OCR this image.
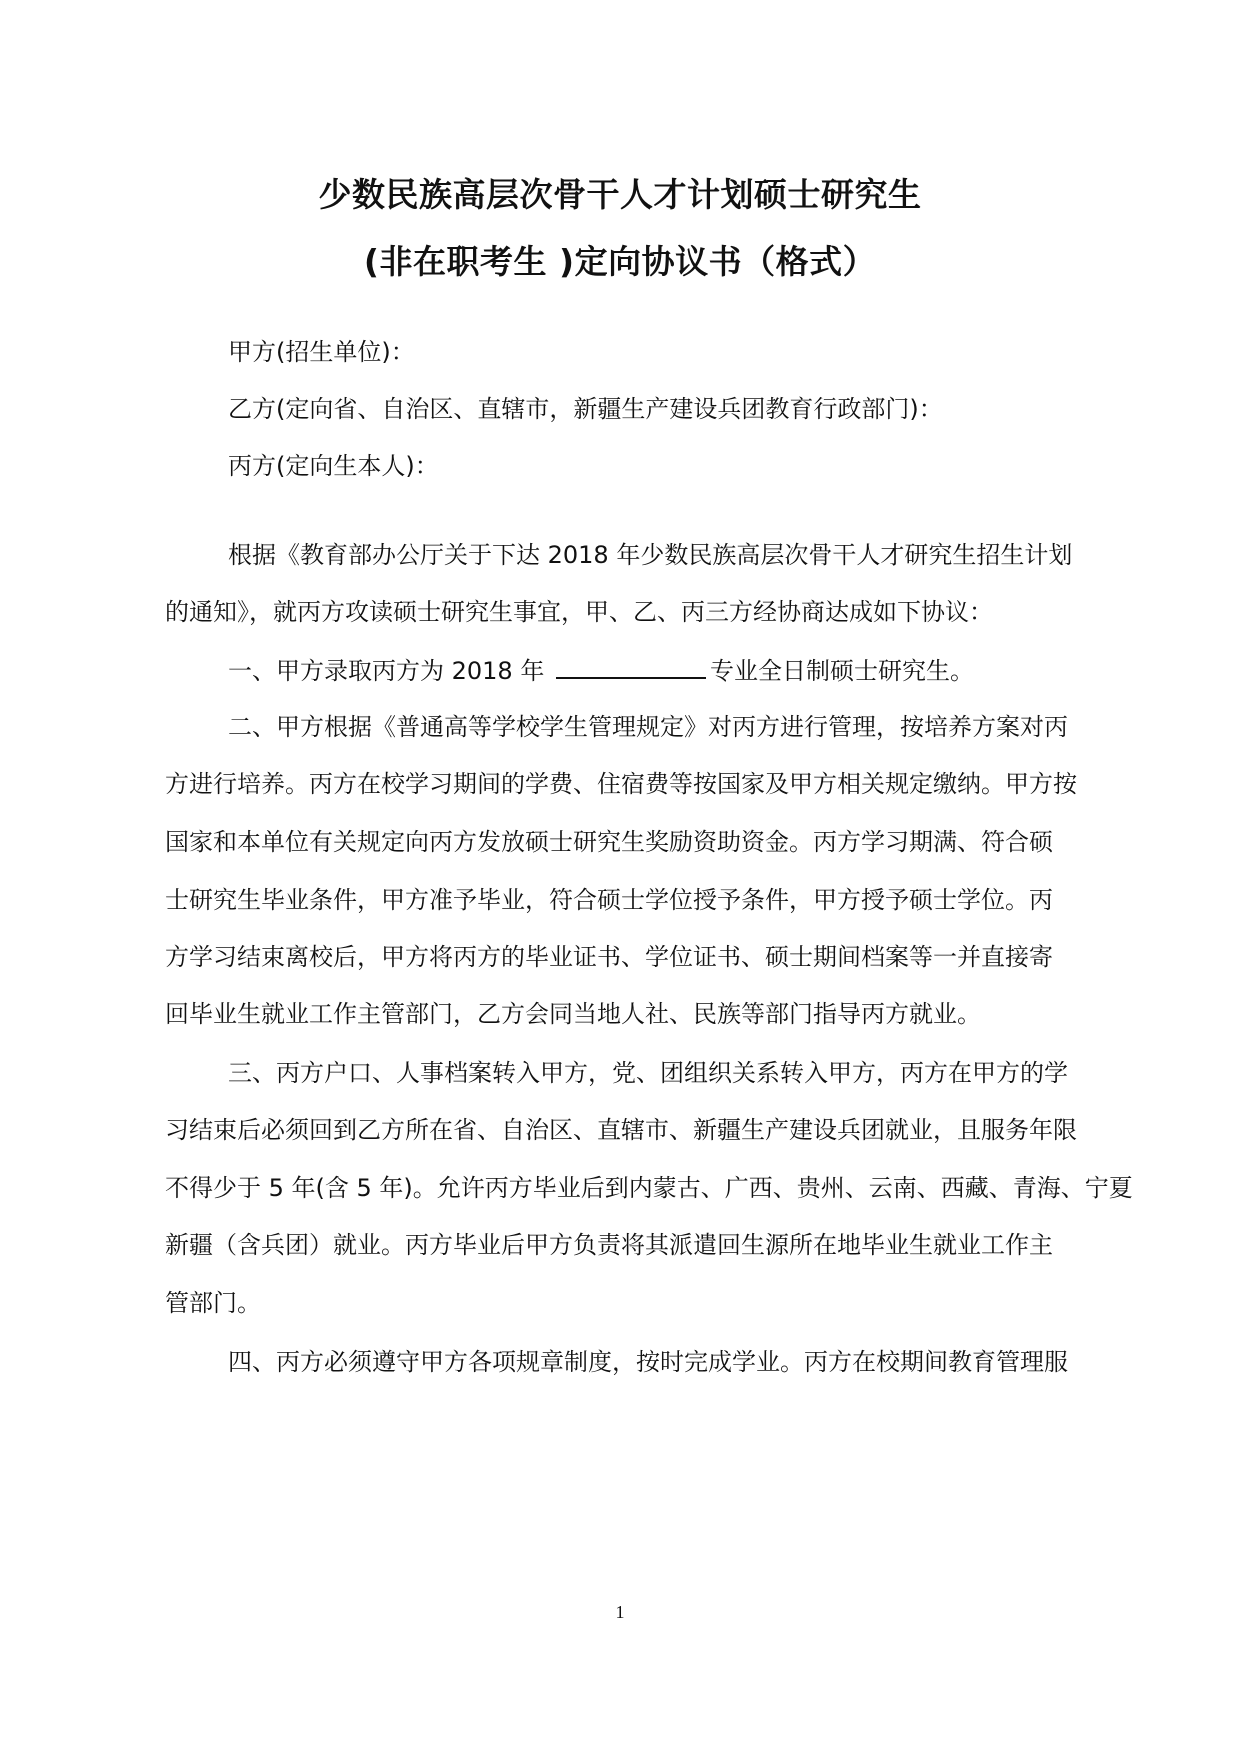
少数民族高层次骨干人才计划硕士研究生
(非在职考生 )定向协议书（格式）
甲方(招生单位)：
乙方(定向省、自治区、直辖市，新疆生产建设兵团教育行政部门)：
丙方(定向生本人)：
根据《教育部办公厅关于下达 2018 年少数民族高层次骨干人才研究生招生计划
的通知》，就丙方攻读硕士研究生事宜，甲、乙、丙三方经协商达成如下协议：
一、甲方录取丙方为 2018 年	专业全日制硕士研究生。
二、甲方根据《普通高等学校学生管理规定》对丙方进行管理，按培养方案对丙
方进行培养。丙方在校学习期间的学费、住宿费等按国家及甲方相关规定缴纳。甲方按
国家和本单位有关规定向丙方发放硕士研究生奖励资助资金。丙方学习期满、符合硕
士研究生毕业条件，甲方准予毕业，符合硕士学位授予条件，甲方授予硕士学位。丙
方学习结束离校后，甲方将丙方的毕业证书、学位证书、硕士期间档案等一并直接寄
回毕业生就业工作主管部门，乙方会同当地人社、民族等部门指导丙方就业。
三、丙方户口、人事档案转入甲方，党、团组织关系转入甲方，丙方在甲方的学
习结束后必须回到乙方所在省、自治区、直辖市、新疆生产建设兵团就业，且服务年限
不得少于 5 年(含 5 年)。允许丙方毕业后到内蒙古、广西、贵州、云南、西藏、青海、宁夏
新疆（含兵团）就业。丙方毕业后甲方负责将其派遣回生源所在地毕业生就业工作主
管部门。
四、丙方必须遵守甲方各项规章制度，按时完成学业。丙方在校期间教育管理服
1
